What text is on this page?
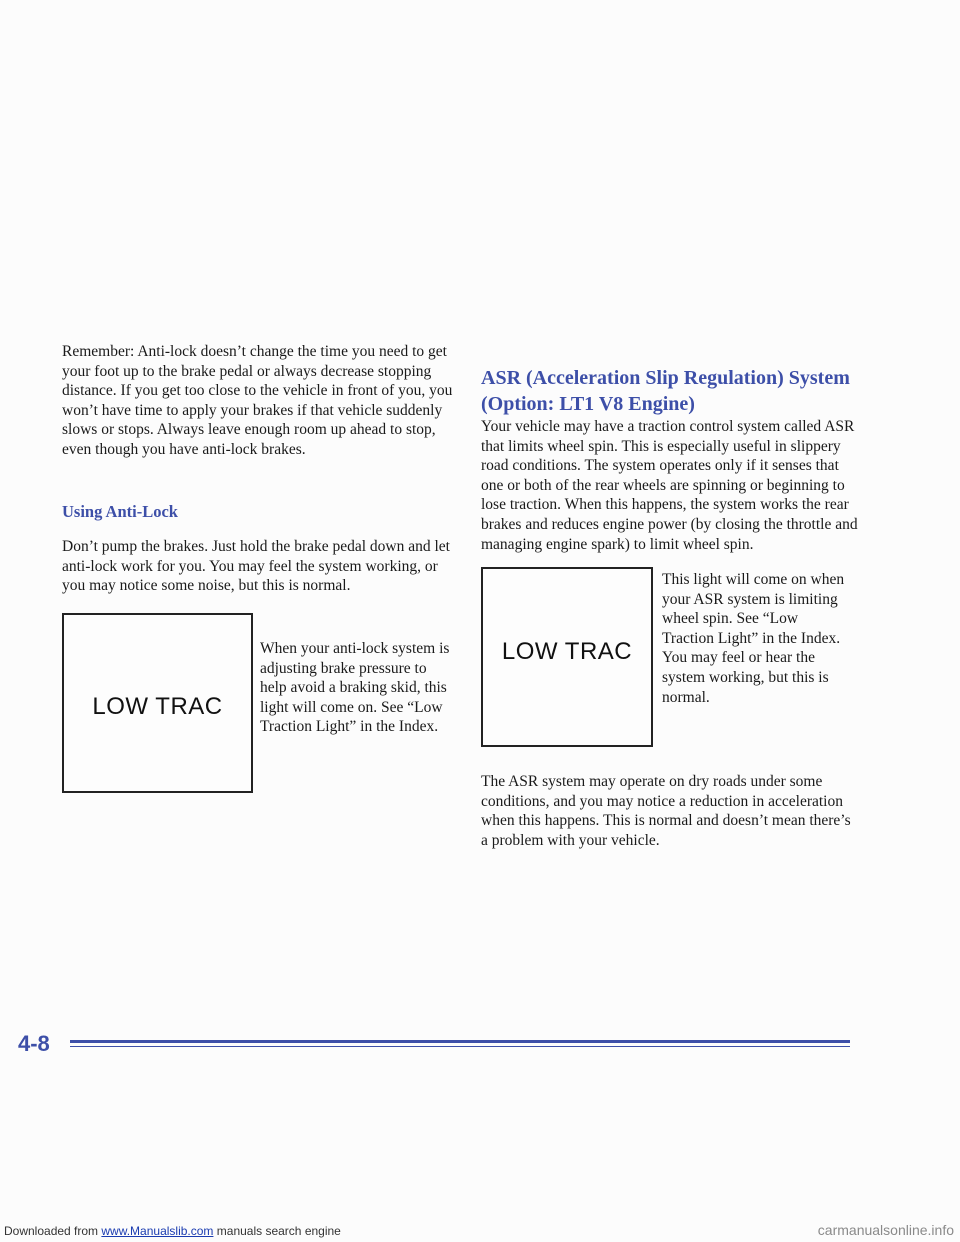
Remember: Anti-lock doesn’t change the time you need to get your foot up to the brake pedal or always decrease stopping distance. If you get too close to the vehicle in front of you, you won’t have time to apply your brakes if that vehicle suddenly slows or stops. Always leave enough room up ahead to stop, even though you have anti-lock brakes.

Using Anti-Lock

Don’t pump the brakes. Just hold the brake pedal down and let anti-lock work for you. You may feel the system working, or you may notice some noise, but this is normal.

LOW TRAC

When your anti-lock system is adjusting brake pressure to help avoid a braking skid, this light will come on. See “Low Traction Light” in the Index.

ASR (Acceleration Slip Regulation) System (Option: LT1 V8 Engine)

Your vehicle may have a traction control system called ASR that limits wheel spin. This is especially useful in slippery road conditions. The system operates only if it senses that one or both of the rear wheels are spinning or beginning to lose traction. When this happens, the system works the rear brakes and reduces engine power (by closing the throttle and managing engine spark) to limit wheel spin.

LOW TRAC

This light will come on when your ASR system is limiting wheel spin. See “Low Traction Light” in the Index. You may feel or hear the system working, but this is normal.

The ASR system may operate on dry roads under some conditions, and you may notice a reduction in acceleration when this happens. This is normal and doesn’t mean there’s a problem with your vehicle.

4-8
Downloaded from www.Manualslib.com manuals search engine	carmanualsonline.info
